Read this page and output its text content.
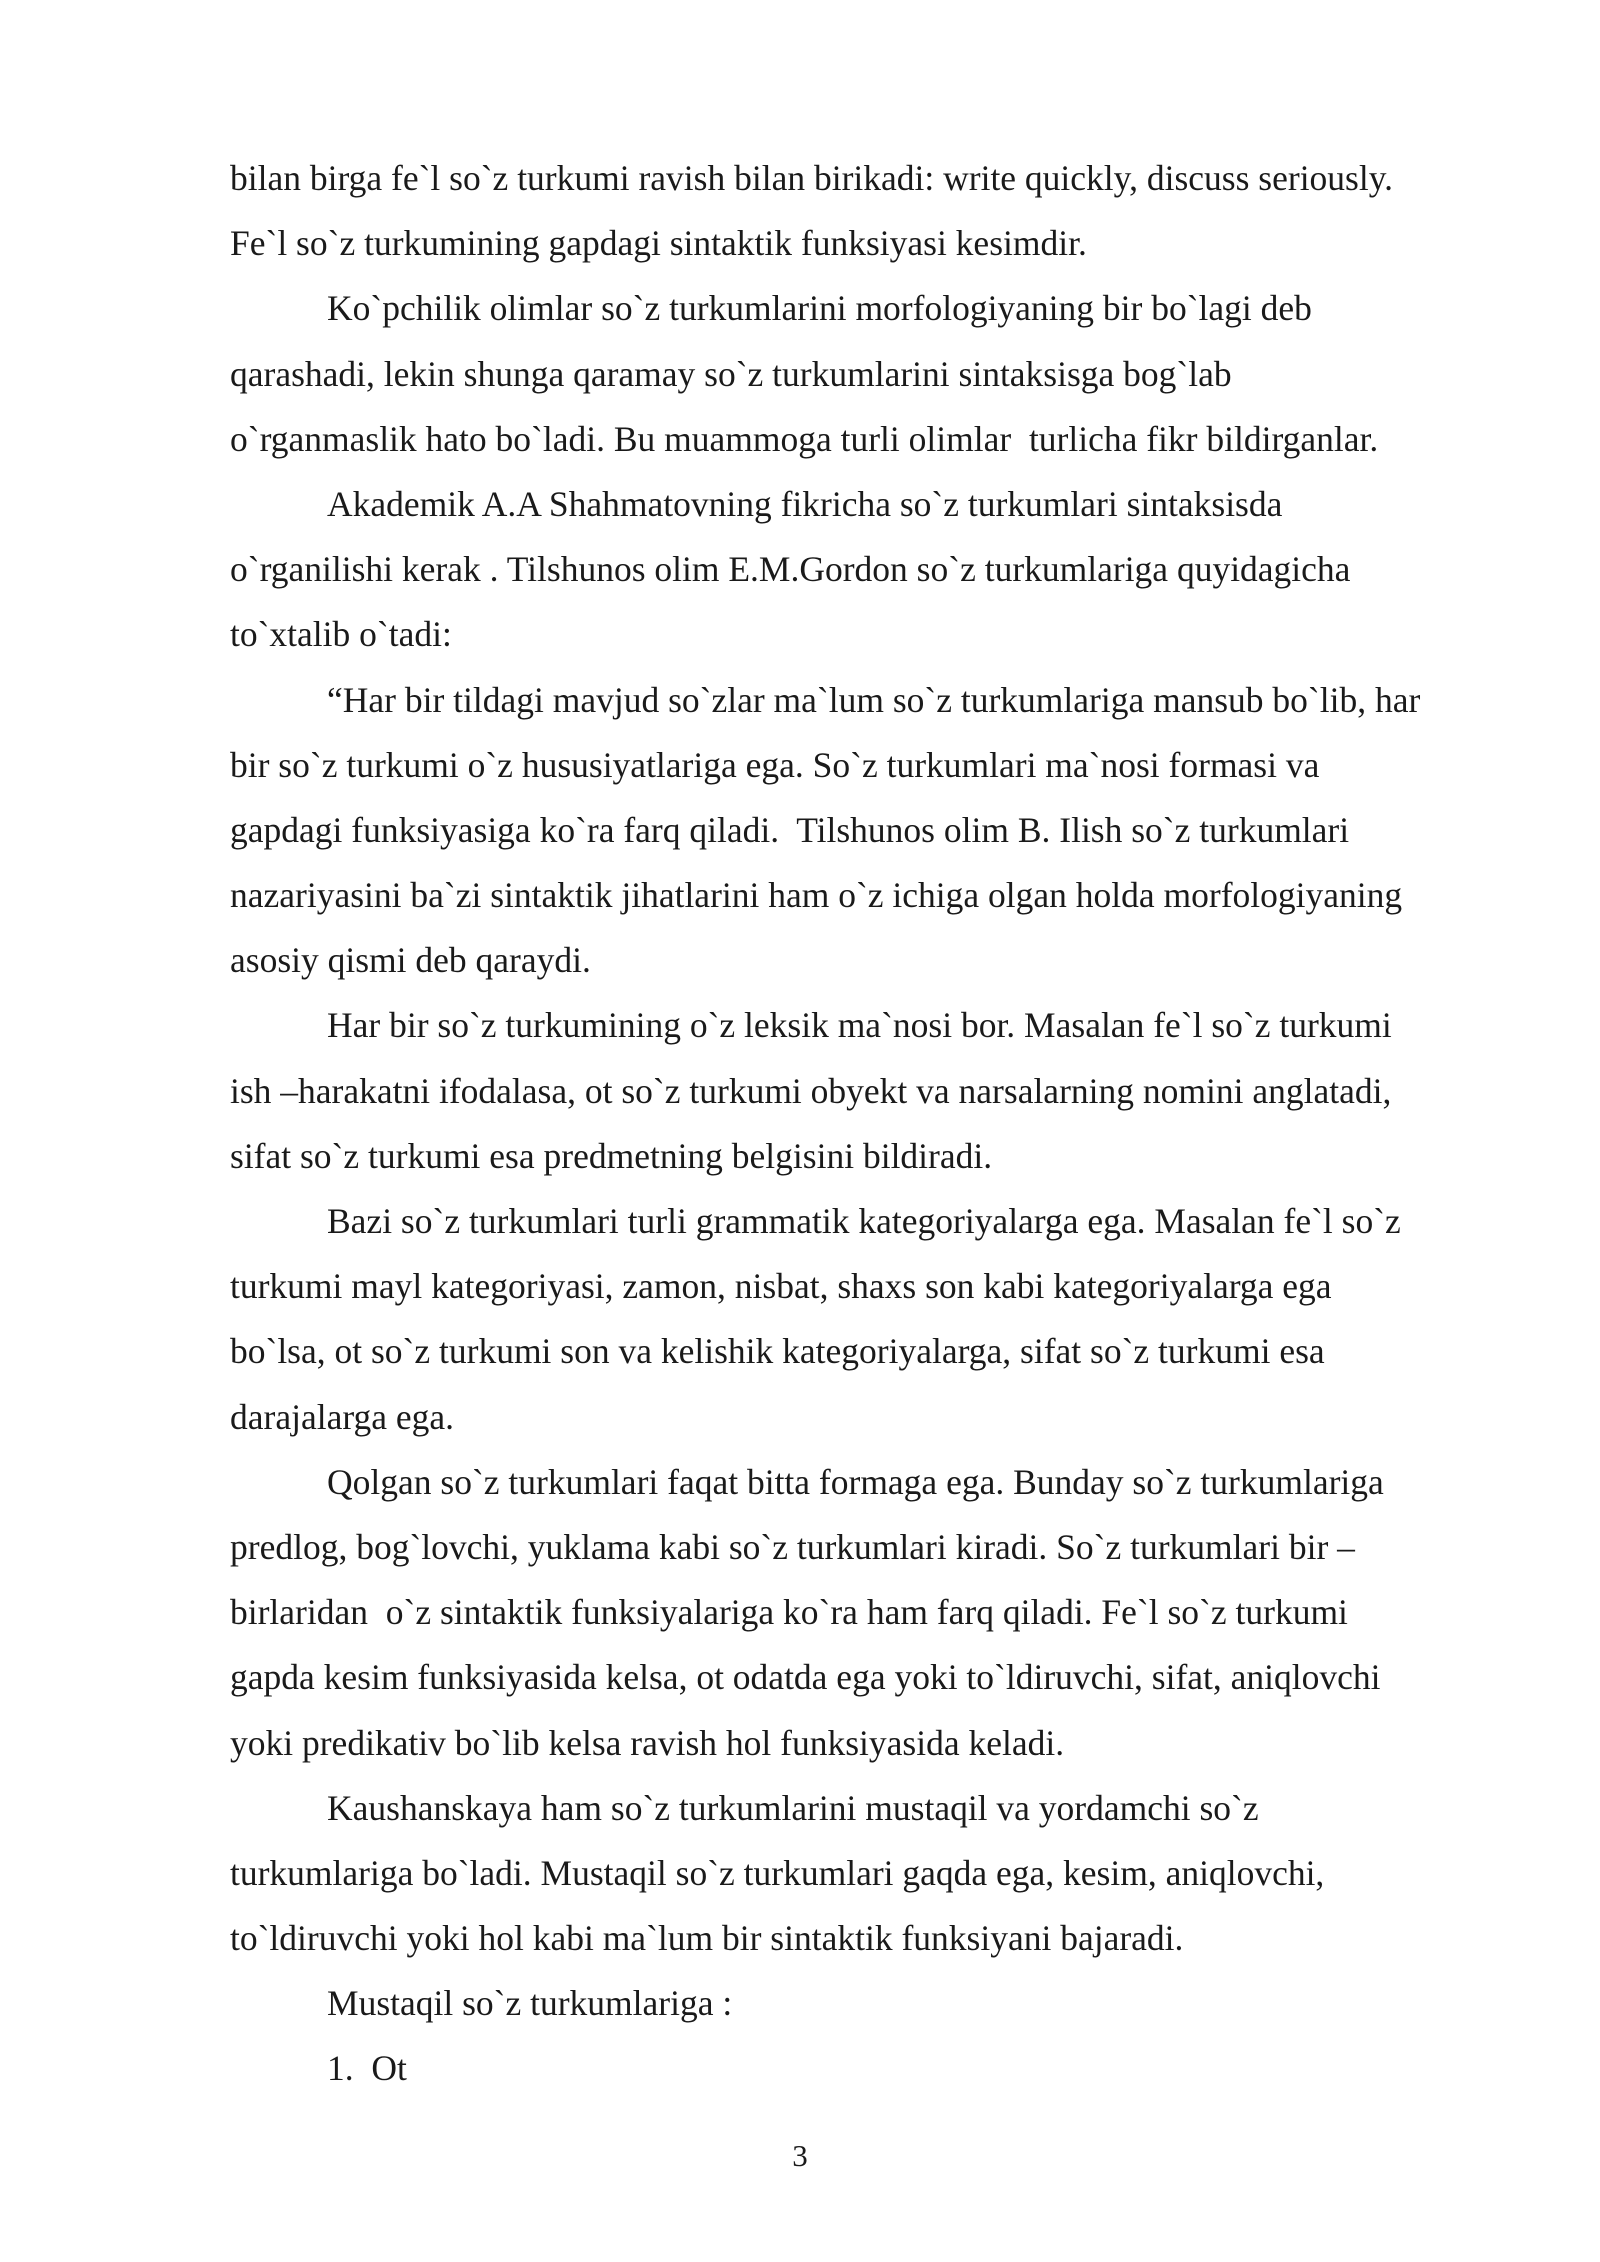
bilan birga fe`l so`z turkumi ravish bilan birikadi: write quickly, discuss seriously.
Fe`l so`z turkumining gapdagi sintaktik funksiyasi kesimdir.
Ko`pchilik olimlar so`z turkumlarini morfologiyaning bir bo`lagi deb
qarashadi, lekin shunga qaramay so`z turkumlarini sintaksisga bog`lab
o`rganmaslik hato bo`ladi. Bu muammoga turli olimlar  turlicha fikr bildirganlar.
Akademik A.A Shahmatovning fikricha so`z turkumlari sintaksisda
o`rganilishi kerak . Tilshunos olim E.M.Gordon so`z turkumlariga quyidagicha
to`xtalib o`tadi:
“Har bir tildagi mavjud so`zlar ma`lum so`z turkumlariga mansub bo`lib, har
bir so`z turkumi o`z hususiyatlariga ega. So`z turkumlari ma`nosi formasi va
gapdagi funksiyasiga ko`ra farq qiladi.  Tilshunos olim B. Ilish so`z turkumlari
nazariyasini ba`zi sintaktik jihatlarini ham o`z ichiga olgan holda morfologiyaning
asosiy qismi deb qaraydi.
Har bir so`z turkumining o`z leksik ma`nosi bor. Masalan fe`l so`z turkumi
ish –harakatni ifodalasa, ot so`z turkumi obyekt va narsalarning nomini anglatadi,
sifat so`z turkumi esa predmetning belgisini bildiradi.
Bazi so`z turkumlari turli grammatik kategoriyalarga ega. Masalan fe`l so`z
turkumi mayl kategoriyasi, zamon, nisbat, shaxs son kabi kategoriyalarga ega
bo`lsa, ot so`z turkumi son va kelishik kategoriyalarga, sifat so`z turkumi esa
darajalarga ega.
Qolgan so`z turkumlari faqat bitta formaga ega. Bunday so`z turkumlariga
predlog, bog`lovchi, yuklama kabi so`z turkumlari kiradi. So`z turkumlari bir –
birlaridan  o`z sintaktik funksiyalariga ko`ra ham farq qiladi. Fe`l so`z turkumi
gapda kesim funksiyasida kelsa, ot odatda ega yoki to`ldiruvchi, sifat, aniqlovchi
yoki predikativ bo`lib kelsa ravish hol funksiyasida keladi.
Kaushanskaya ham so`z turkumlarini mustaqil va yordamchi so`z
turkumlariga bo`ladi. Mustaqil so`z turkumlari gaqda ega, kesim, aniqlovchi,
to`ldiruvchi yoki hol kabi ma`lum bir sintaktik funksiyani bajaradi.
Mustaqil so`z turkumlariga :
1.  Ot
3
